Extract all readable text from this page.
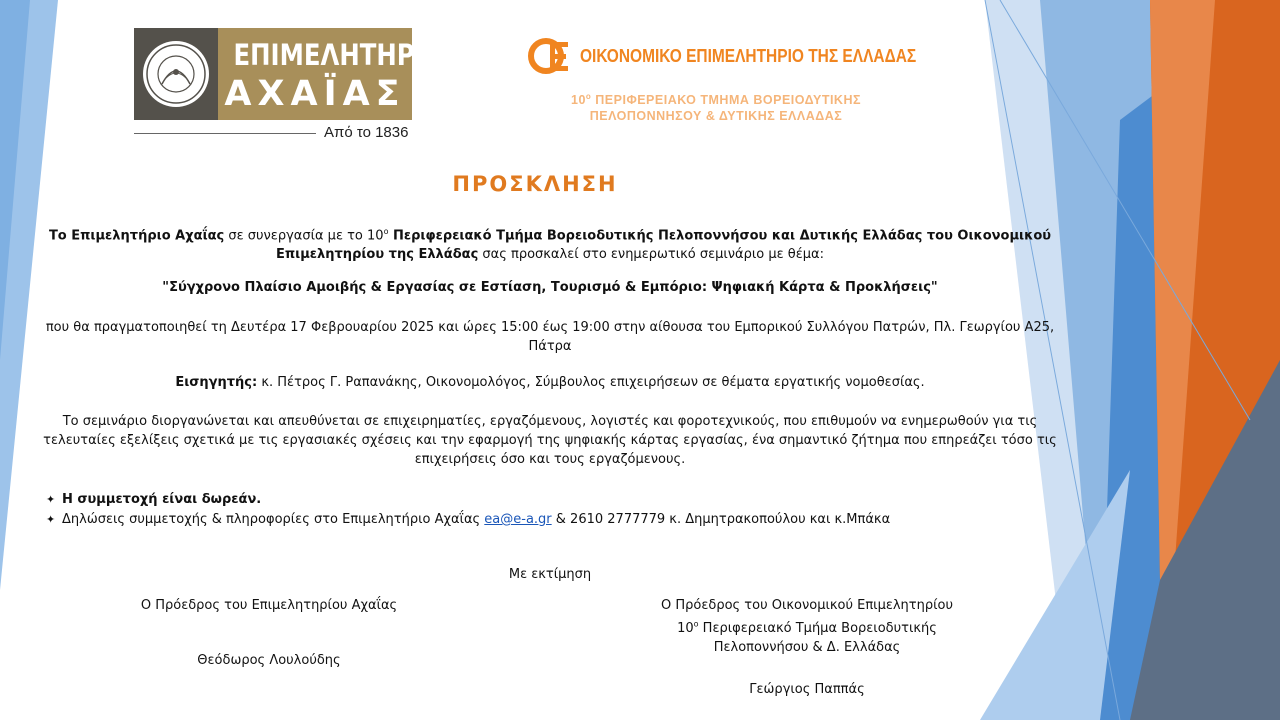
ΕΠΙΜΕΛΗΤΗΡΙΟ
ΑΧΑΪΑΣ
Από το 1836
ΟΙΚΟΝΟΜΙΚΟ ΕΠΙΜΕΛΗΤΗΡΙΟ ΤΗΣ ΕΛΛΑΔΑΣ
$10^o$ ΠΕΡΙΦΕΡΕΙΑΚΟ ΤΜΗΜΑ ΒΟΡΕΙΟΔΥΤΙΚΗΣ
ΠΕΛΟΠΟΝΝΗΣΟΥ & ΔΥΤΙΚΗΣ ΕΛΛΑΔΑΣ
ΠΡΟΣΚΛΗΣΗ
Το Επιμελητήριο Αχαΐας σε συνεργασία με το $10^o$ Περιφερειακό Τμήμα Βορειοδυτικής Πελοποννήσου και Δυτικής Ελλάδας του Οικονομικού Επιμελητηρίου της Ελλάδας σας προσκαλεί στο ενημερωτικό σεμινάριο με θέμα:
"Σύγχρονο Πλαίσιο Αμοιβής & Εργασίας σε Εστίαση, Τουρισμό & Εμπόριο: Ψηφιακή Κάρτα & Προκλήσεις"
που θα πραγματοποιηθεί τη Δευτέρα 17 Φεβρουαρίου 2025 και ώρες 15:00 έως 19:00 στην αίθουσα του Εμπορικού Συλλόγου Πατρών, Πλ. Γεωργίου Α25, Πάτρα
Εισηγητής: κ. Πέτρος Γ. Ραπανάκης, Οικονομολόγος, Σύμβουλος επιχειρήσεων σε θέματα εργατικής νομοθεσίας.
Το σεμινάριο διοργανώνεται και απευθύνεται σε επιχειρηματίες, εργαζόμενους, λογιστές και φοροτεχνικούς, που επιθυμούν να ενημερωθούν για τις τελευταίες εξελίξεις σχετικά με τις εργασιακές σχέσεις και την εφαρμογή της ψηφιακής κάρτας εργασίας, ένα σημαντικό ζήτημα που επηρεάζει τόσο τις επιχειρήσεις όσο και τους εργαζόμενους.
✦ Η συμμετοχή είναι δωρεάν.
✦ Δηλώσεις συμμετοχής & πληροφορίες στο Επιμελητήριο Αχαΐας ea@e-a.gr & 2610 2777779 κ. Δημητρακοπούλου και κ.Μπάκα
Με εκτίμηση
Ο Πρόεδρος του Επιμελητηρίου Αχαΐας
Θεόδωρος Λουλούδης
Ο Πρόεδρος του Οικονομικού Επιμελητηρίου
$10^o$ Περιφερειακό Τμήμα Βορειοδυτικής
Πελοποννήσου & Δ. Ελλάδας
Γεώργιος Παππάς
